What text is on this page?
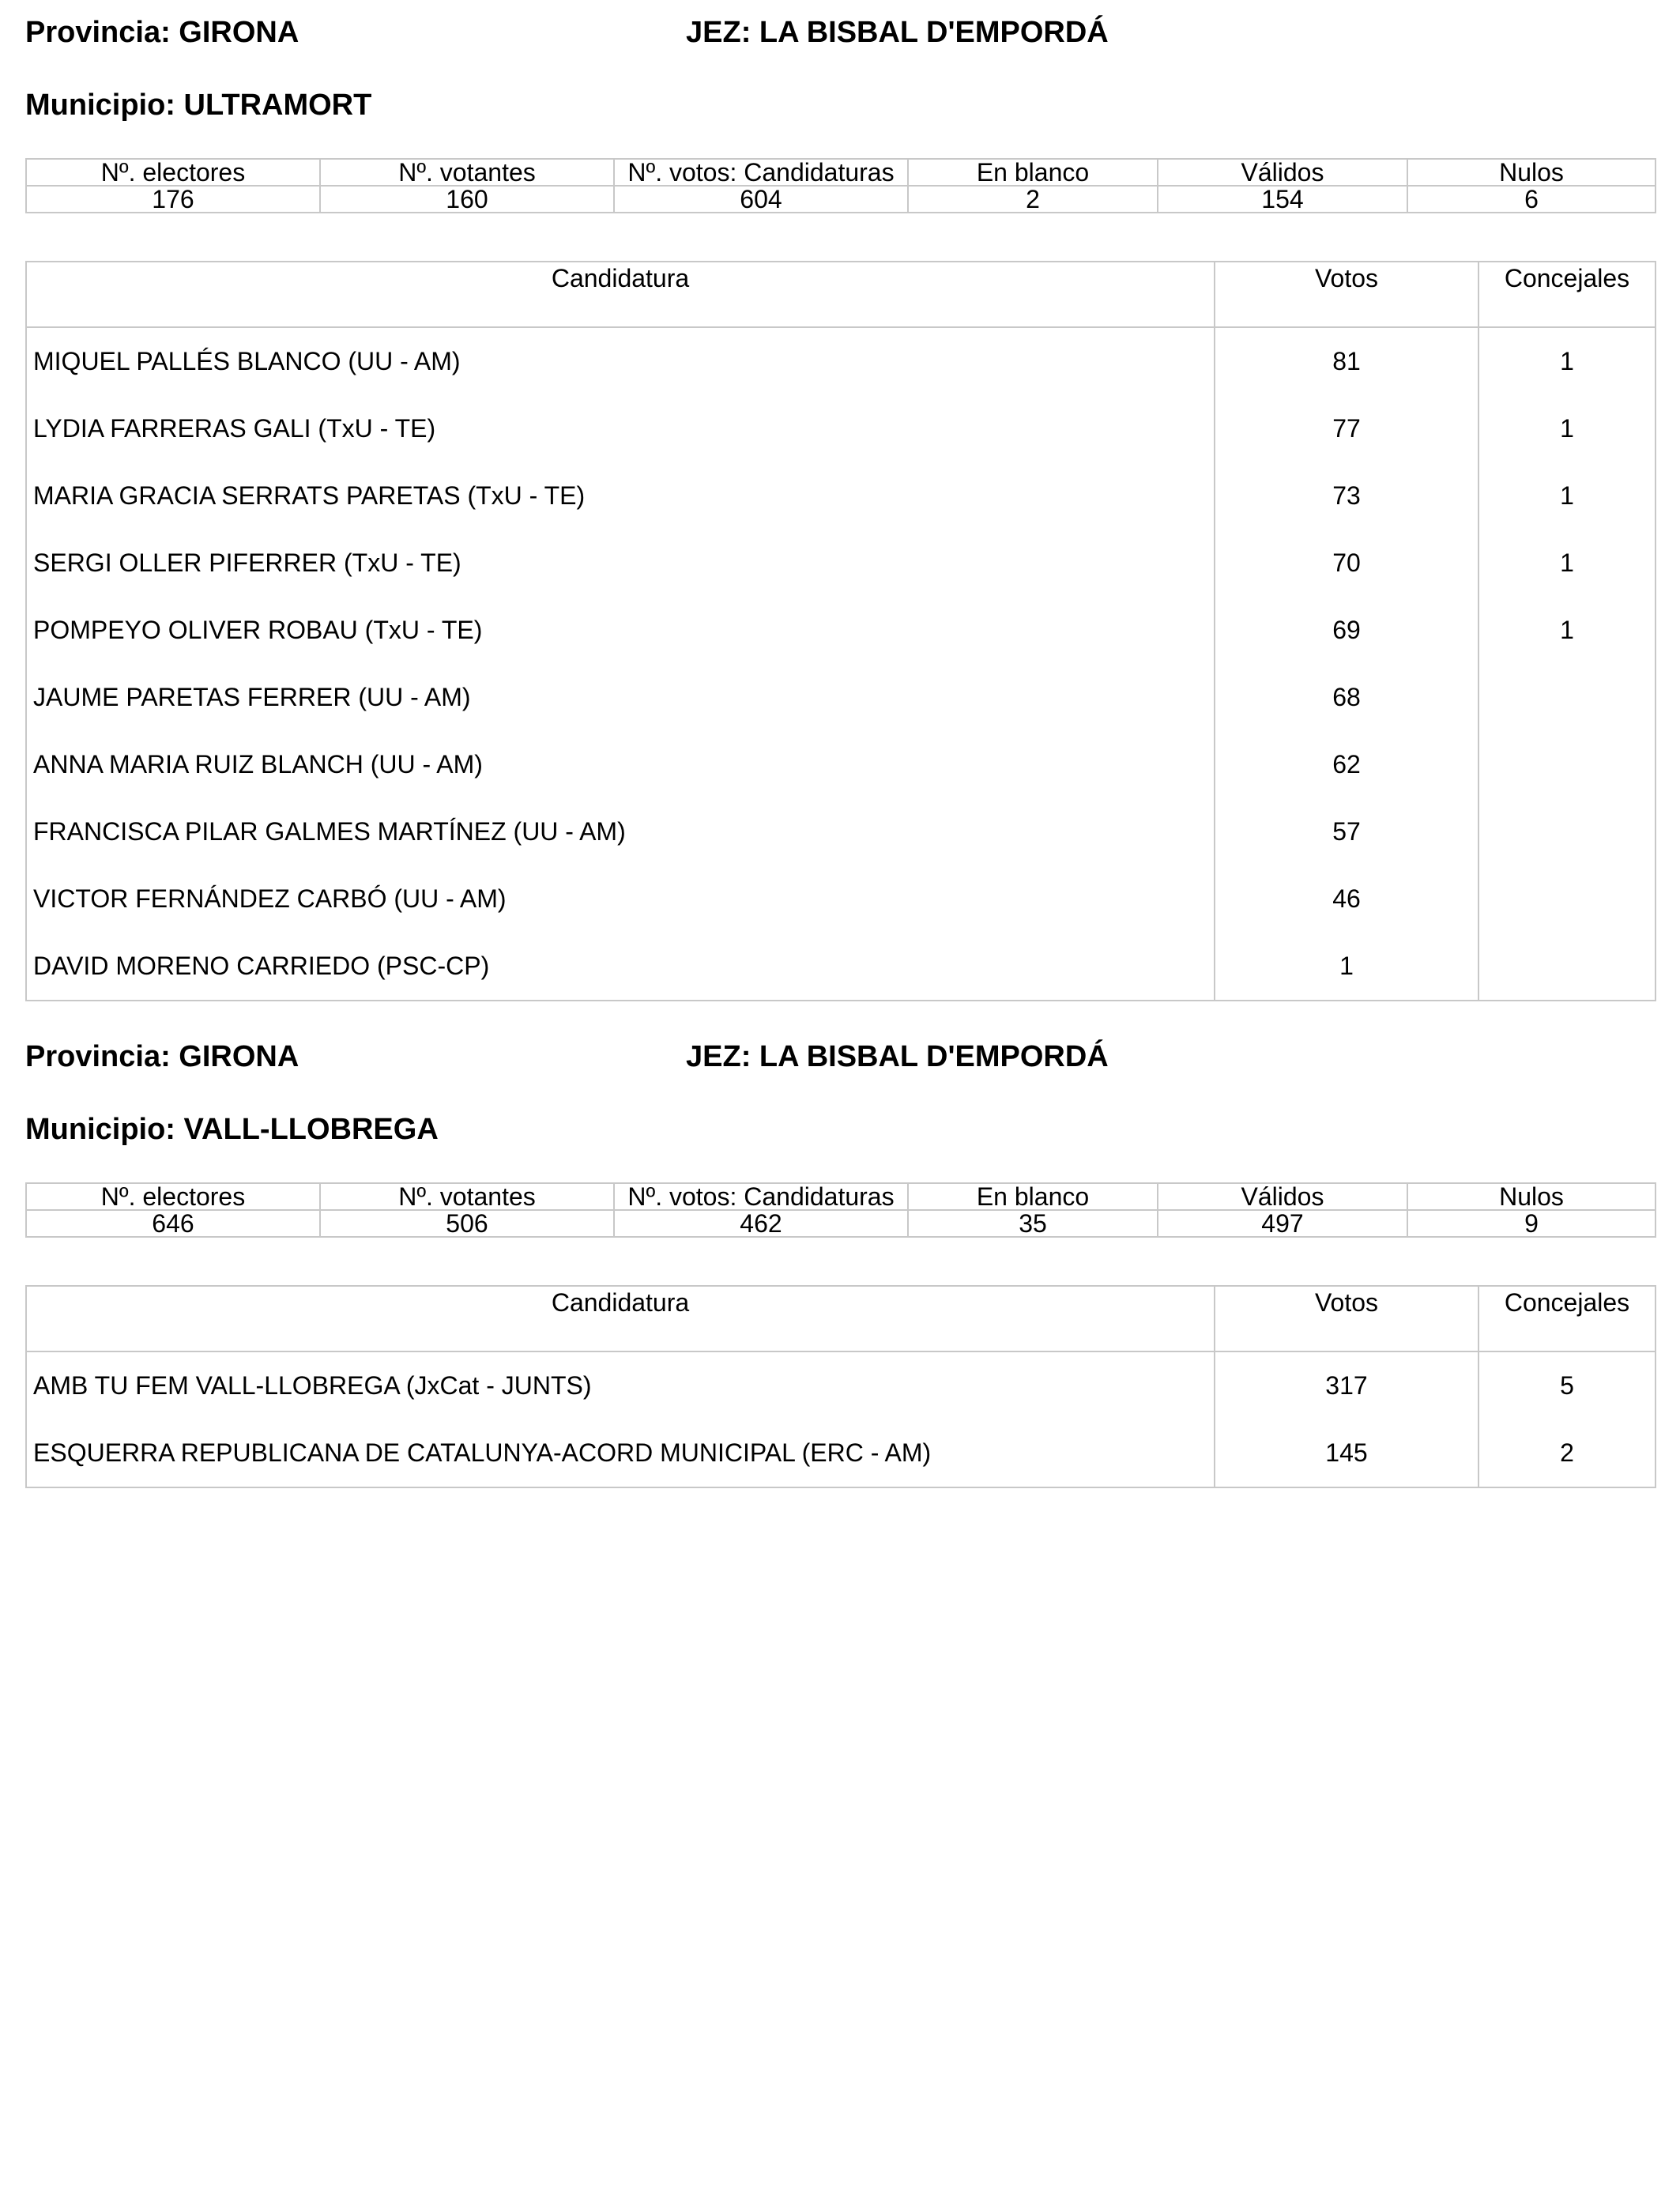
Provincia: GIRONA	JEZ: LA BISBAL D'EMPORDÁ
Municipio: ULTRAMORT
Nº. electores	Nº. votantes	Nº. votos: Candidaturas	En blanco	Válidos	Nulos
176	160	604	2	154	6
Candidatura	Votos	Concejales
MIQUEL PALLÉS BLANCO (UU - AM)	81	1
LYDIA FARRERAS GALI (TxU - TE)	77	1
MARIA GRACIA SERRATS PARETAS (TxU - TE)	73	1
SERGI OLLER PIFERRER (TxU - TE)	70	1
POMPEYO OLIVER ROBAU (TxU - TE)	69	1
JAUME PARETAS FERRER (UU - AM)	68	
ANNA MARIA RUIZ BLANCH (UU - AM)	62	
FRANCISCA PILAR GALMES MARTÍNEZ (UU - AM)	57	
VICTOR FERNÁNDEZ CARBÓ (UU - AM)	46	
DAVID MORENO CARRIEDO (PSC-CP)	1	
Provincia: GIRONA	JEZ: LA BISBAL D'EMPORDÁ
Municipio: VALL-LLOBREGA
Nº. electores	Nº. votantes	Nº. votos: Candidaturas	En blanco	Válidos	Nulos
646	506	462	35	497	9
Candidatura	Votos	Concejales
AMB TU FEM VALL-LLOBREGA (JxCat - JUNTS)	317	5
ESQUERRA REPUBLICANA DE CATALUNYA-ACORD MUNICIPAL (ERC - AM)	145	2
